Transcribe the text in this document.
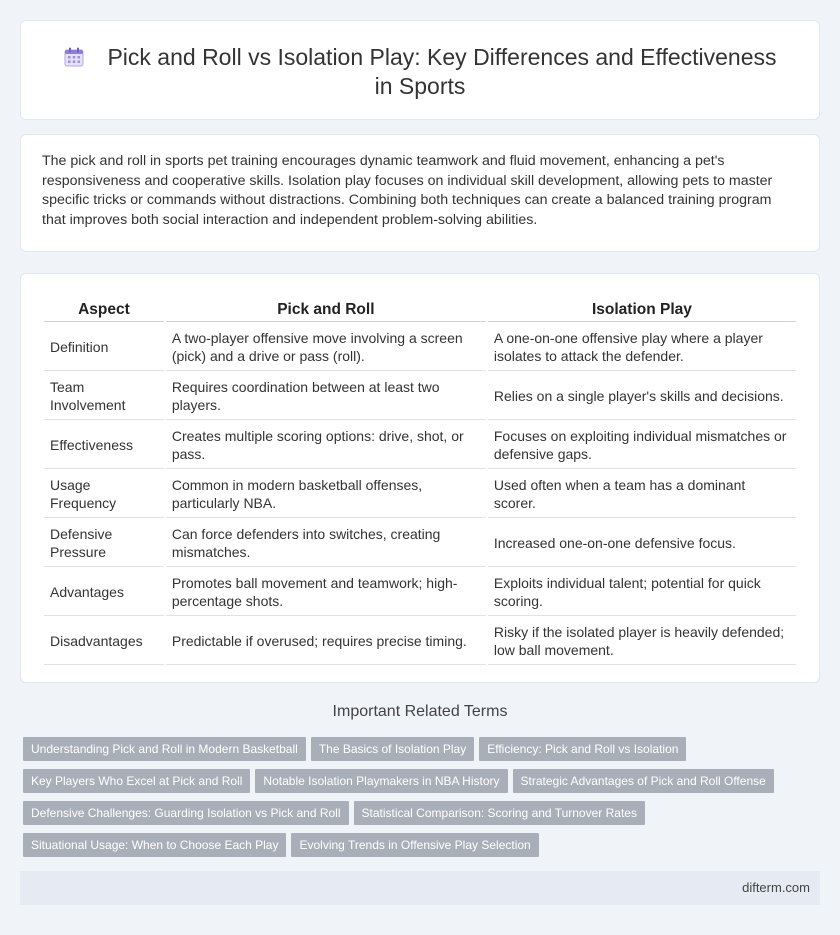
Pick and Roll vs Isolation Play: Key Differences and Effectiveness in Sports

The pick and roll in sports pet training encourages dynamic teamwork and fluid movement, enhancing a pet's responsiveness and cooperative skills. Isolation play focuses on individual skill development, allowing pets to master specific tricks or commands without distractions. Combining both techniques can create a balanced training program that improves both social interaction and independent problem-solving abilities.

Aspect	Pick and Roll	Isolation Play
Definition	A two-player offensive move involving a screen (pick) and a drive or pass (roll).	A one-on-one offensive play where a player isolates to attack the defender.
Team Involvement	Requires coordination between at least two players.	Relies on a single player's skills and decisions.
Effectiveness	Creates multiple scoring options: drive, shot, or pass.	Focuses on exploiting individual mismatches or defensive gaps.
Usage Frequency	Common in modern basketball offenses, particularly NBA.	Used often when a team has a dominant scorer.
Defensive Pressure	Can force defenders into switches, creating mismatches.	Increased one-on-one defensive focus.
Advantages	Promotes ball movement and teamwork; high-percentage shots.	Exploits individual talent; potential for quick scoring.
Disadvantages	Predictable if overused; requires precise timing.	Risky if the isolated player is heavily defended; low ball movement.
Important Related Terms
Understanding Pick and Roll in Modern Basketball The Basics of Isolation Play Efficiency: Pick and Roll vs Isolation
Key Players Who Excel at Pick and Roll Notable Isolation Playmakers in NBA History Strategic Advantages of Pick and Roll Offense
Defensive Challenges: Guarding Isolation vs Pick and Roll Statistical Comparison: Scoring and Turnover Rates
Situational Usage: When to Choose Each Play Evolving Trends in Offensive Play Selection
difterm.com
